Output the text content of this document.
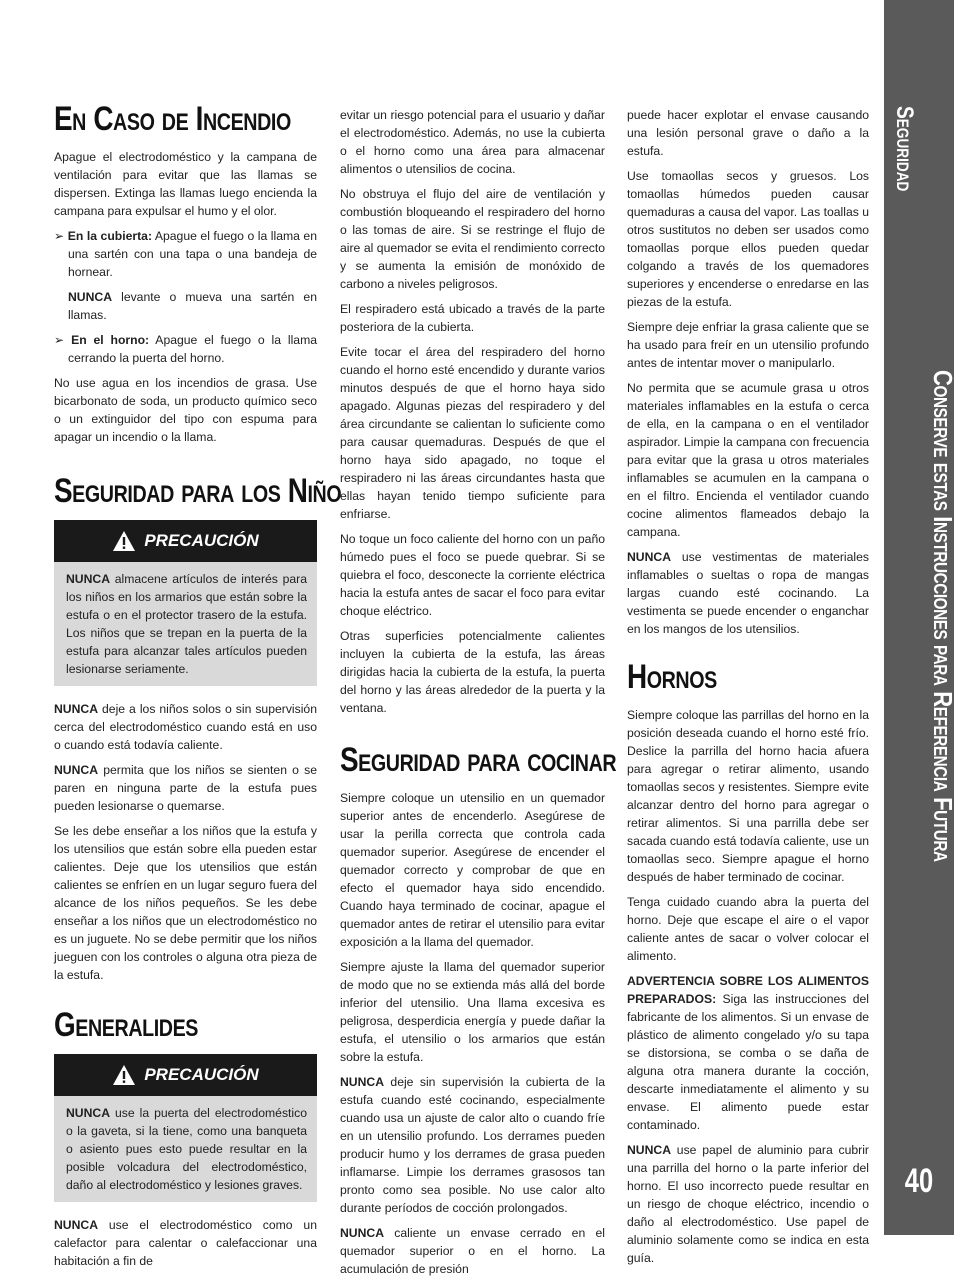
En Caso de Incendio

Apague el electrodoméstico y la campana de ventilación para evitar que las llamas se dispersen. Extinga las llamas luego encienda la campana para expulsar el humo y el olor.

➢ En la cubierta: Apague el fuego o la llama en una sartén con una tapa o una bandeja de hornear.

NUNCA levante o mueva una sartén en llamas.

➢ En el horno: Apague el fuego o la llama cerrando la puerta del horno.

No use agua en los incendios de grasa. Use bicarbonato de soda, un producto químico seco o un extinguidor del tipo con espuma para apagar un incendio o la llama.

Seguridad para los Niño
PRECAUCIÓN
NUNCA almacene artículos de interés para los niños en los armarios que están sobre la estufa o en el protector trasero de la estufa. Los niños que se trepan en la puerta de la estufa para alcanzar tales artículos pueden lesionarse seriamente.

NUNCA deje a los niños solos o sin supervisión cerca del electrodoméstico cuando está en uso o cuando está todavía caliente.

NUNCA permita que los niños se sienten o se paren en ninguna parte de la estufa pues pueden lesionarse o quemarse.

Se les debe enseñar a los niños que la estufa y los utensilios que están sobre ella pueden estar calientes. Deje que los utensilios que están calientes se enfríen en un lugar seguro fuera del alcance de los niños pequeños. Se les debe enseñar a los niños que un electrodoméstico no es un juguete. No se debe permitir que los niños jueguen con los controles o alguna otra pieza de la estufa.

Generalides
PRECAUCIÓN
NUNCA use la puerta del electrodoméstico o la gaveta, si la tiene, como una banqueta o asiento pues esto puede resultar en la posible volcadura del electrodoméstico, daño al electrodoméstico y lesiones graves.

NUNCA use el electrodoméstico como un calefactor para calentar o calefaccionar una habitación a fin de

evitar un riesgo potencial para el usuario y dañar el electrodoméstico. Además, no use la cubierta o el horno como una área para almacenar alimentos o utensilios de cocina.

No obstruya el flujo del aire de ventilación y combustión bloqueando el respiradero del horno o las tomas de aire. Si se restringe el flujo de aire al quemador se evita el rendimiento correcto y se aumenta la emisión de monóxido de carbono a niveles peligrosos.

El respiradero está ubicado a través de la parte posteriora de la cubierta.

Evite tocar el área del respiradero del horno cuando el horno esté encendido y durante varios minutos después de que el horno haya sido apagado. Algunas piezas del respiradero y del área circundante se calientan lo suficiente como para causar quemaduras. Después de que el horno haya sido apagado, no toque el respiradero ni las áreas circundantes hasta que ellas hayan tenido tiempo suficiente para enfriarse.

No toque un foco caliente del horno con un paño húmedo pues el foco se puede quebrar. Si se quiebra el foco, desconecte la corriente eléctrica hacia la estufa antes de sacar el foco para evitar choque eléctrico.

Otras superficies potencialmente calientes incluyen la cubierta de la estufa, las áreas dirigidas hacia la cubierta de la estufa, la puerta del horno y las áreas alrededor de la puerta y la ventana.

Seguridad para cocinar

Siempre coloque un utensilio en un quemador superior antes de encenderlo. Asegúrese de usar la perilla correcta que controla cada quemador superior. Asegúrese de encender el quemador correcto y comprobar de que en efecto el quemador haya sido encendido. Cuando haya terminado de cocinar, apague el quemador antes de retirar el utensilio para evitar exposición a la llama del quemador.

Siempre ajuste la llama del quemador superior de modo que no se extienda más allá del borde inferior del utensilio. Una llama excesiva es peligrosa, desperdicia energía y puede dañar la estufa, el utensilio o los armarios que están sobre la estufa.

NUNCA deje sin supervisión la cubierta de la estufa cuando esté cocinando, especialmente cuando usa un ajuste de calor alto o cuando fríe en un utensilio profundo. Los derrames pueden producir humo y los derrames de grasa pueden inflamarse. Limpie los derrames grasosos tan pronto como sea posible. No use calor alto durante períodos de cocción prolongados.

NUNCA caliente un envase cerrado en el quemador superior o en el horno. La acumulación de presión

puede hacer explotar el envase causando una lesión personal grave o daño a la estufa.

Use tomaollas secos y gruesos. Los tomaollas húmedos pueden causar quemaduras a causa del vapor. Las toallas u otros sustitutos no deben ser usados como tomaollas porque ellos pueden quedar colgando a través de los quemadores superiores y encenderse o enredarse en las piezas de la estufa.

Siempre deje enfriar la grasa caliente que se ha usado para freír en un utensilio profundo antes de intentar mover o manipularlo.

No permita que se acumule grasa u otros materiales inflamables en la estufa o cerca de ella, en la campana o en el ventilador aspirador. Limpie la campana con frecuencia para evitar que la grasa u otros materiales inflamables se acumulen en la campana o en el filtro. Encienda el ventilador cuando cocine alimentos flameados debajo la campana.

NUNCA use vestimentas de materiales inflamables o sueltas o ropa de mangas largas cuando esté cocinando. La vestimenta se puede encender o enganchar en los mangos de los utensilios.

Hornos

Siempre coloque las parrillas del horno en la posición deseada cuando el horno esté frío. Deslice la parrilla del horno hacia afuera para agregar o retirar alimento, usando tomaollas secos y resistentes. Siempre evite alcanzar dentro del horno para agregar o retirar alimentos. Si una parrilla debe ser sacada cuando está todavía caliente, use un tomaollas seco. Siempre apague el horno después de haber terminado de cocinar.

Tenga cuidado cuando abra la puerta del horno. Deje que escape el aire o el vapor caliente antes de sacar o volver colocar el alimento.

ADVERTENCIA SOBRE LOS ALIMENTOS PREPARADOS: Siga las instrucciones del fabricante de los alimentos. Si un envase de plástico de alimento congelado y/o su tapa se distorsiona, se comba o se daña de alguna otra manera durante la cocción, descarte inmediatamente el alimento y su envase. El alimento puede estar contaminado.

NUNCA use papel de aluminio para cubrir una parrilla del horno o la parte inferior del horno. El uso incorrecto puede resultar en un riesgo de choque eléctrico, incendio o daño al electrodoméstico. Use papel de aluminio solamente como se indica en esta guía.

Seguridad
Conserve estas Instrucciones para Referencia Futura
40
